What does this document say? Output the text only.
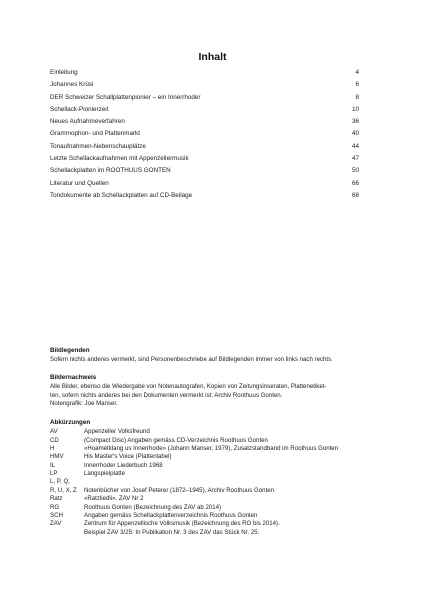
Inhalt
Einleitung	4
Johannes Krüsi	6
DER Schweizer Schallplattenpionier – ein Innerrhoder	8
Schellack-Pionierzeit	10
Neues Aufnahmeverfahren	36
Grammophon- und Plattenmarkt	40
Tonaufnahmen-Nebenschauplätze	44
Letzte Schellackaufnahmen mit Appenzellermusik	47
Schellackplatten im ROOTHUUS GONTEN	50
Literatur und Quellen	66
Tondokumente ab Schellackplatten auf CD-Beilage	68
Bildlegenden

Sofern nichts anderes vermerkt, sind Personenbeschriebe auf Bildlegenden immer von links nach rechts.

Bildernachweis

Alle Bilder, ebenso die Wiedergabe von Notenautografen, Kopien von Zeitungsinseraten, Plattenetiket-

ten, sofern nichts anderes bei den Dokumenten vermerkt ist: Archiv Roothuus Gonten.

Notengrafik: Joe Manser.

Abkürzungen
AV	Appenzeller Volksfreund
CD	(Compact Disc) Angaben gemäss CD-Verzeichnis Roothuus Gonten
H	«Hoametklang us Innerrhode» (Johann Manser, 1979), Zusatzstandband im Roothuus Gonten
HMV	His Master's Voice (Plattenlabel)
IL	Innerrhoder Liederbuch 1968
LP	Langspielplatte
L, P, Q,
R, U, X, Z	Notenbücher von Josef Peterer (1872–1945), Archiv Roothuus Gonten
Ratz	«Ratzliedli». ZAV Nr 2
RG	Roothuus Gonten (Bezeichnung des ZAV ab 2014)
SCH	Angaben gemäss Schellackplattenverzeichnis Roothuus Gonten
ZAV	Zentrum für Appenzellische Volksmusik (Bezeichnung des RG bis 2014).
Beispiel ZAV 3/25: In Publikation Nr. 3 des ZAV das Stück Nr. 25.
